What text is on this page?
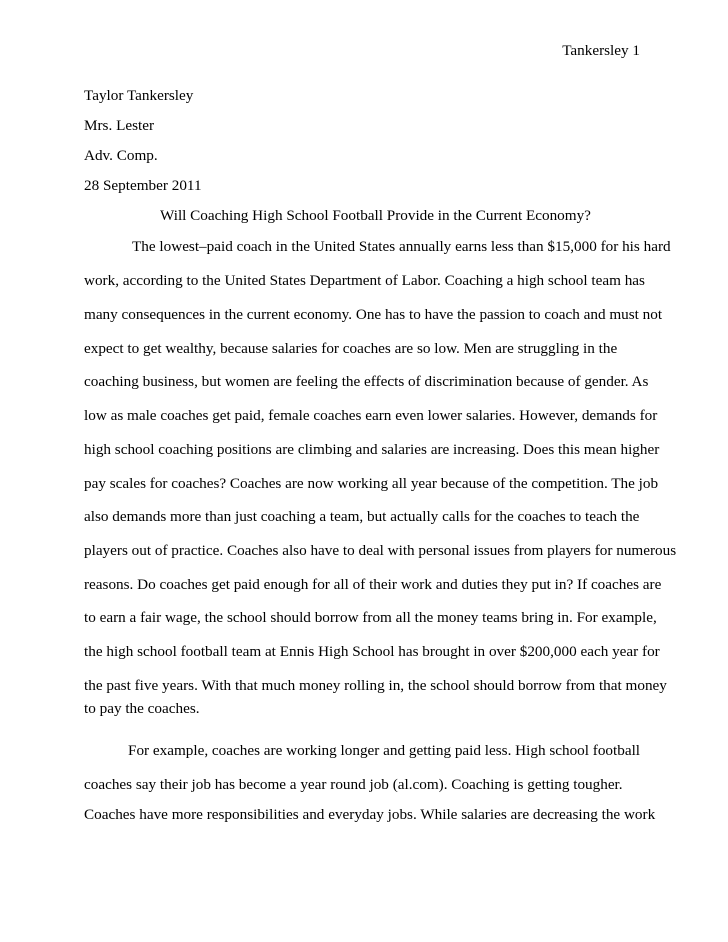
Tankersley 1
Taylor Tankersley
Mrs. Lester
Adv. Comp.
28 September 2011
Will Coaching High School Football Provide in the Current Economy?
The lowest–paid coach in the United States annually earns less than $15,000 for his hard
work, according to the United States Department of Labor. Coaching a high school team has
many consequences in the current economy. One has to have the passion to coach and must not
expect to get wealthy, because salaries for coaches are so low. Men are struggling in the
coaching business, but women are feeling the effects of discrimination because of gender. As
low as male coaches get paid, female coaches earn even lower salaries. However, demands for
high school coaching positions are climbing and salaries are increasing. Does this mean higher
pay scales for coaches? Coaches are now working all year because of the competition. The job
also demands more than just coaching a team, but actually calls for the coaches to teach the
players out of practice. Coaches also have to deal with personal issues from players for numerous
reasons. Do coaches get paid enough for all of their work and duties they put in? If coaches are
to earn a fair wage, the school should borrow from all the money teams bring in. For example,
the high school football team at Ennis High School has brought in over $200,000 each year for
the past five years. With that much money rolling in, the school should borrow from that money
to pay the coaches.
For example, coaches are working longer and getting paid less. High school football
coaches say their job has become a year round job (al.com). Coaching is getting tougher.
Coaches have more responsibilities and everyday jobs. While salaries are decreasing the work
